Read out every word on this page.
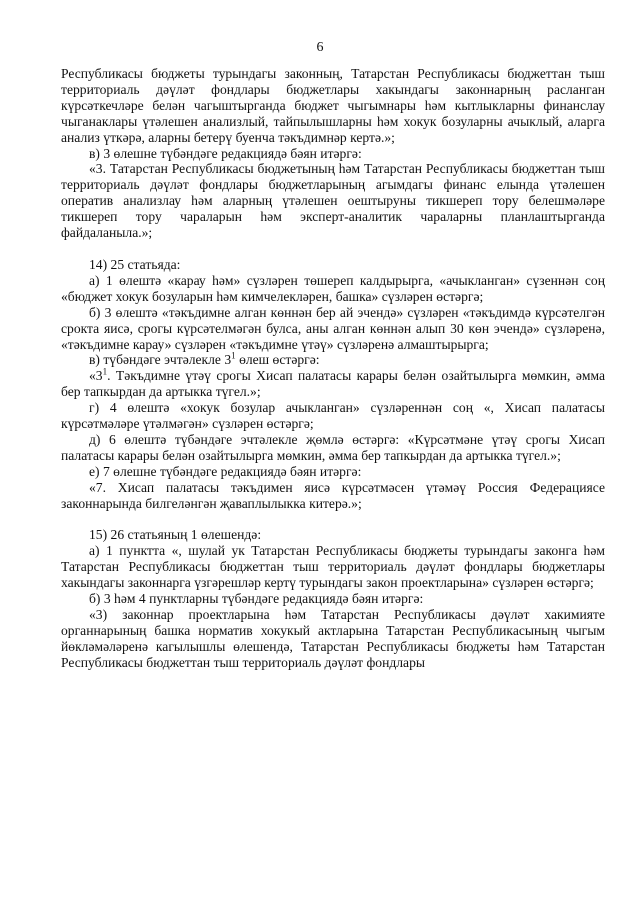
6

Республикасы бюджеты турындагы законның, Татарстан Республикасы бюджеттан тыш территориаль дәүләт фондлары бюджетлары хакындагы законнарның расланган күрсәткечләре белән чагыштырганда бюджет чыгымнары һәм кытлыкларны финанслау чыганаклары үтәлешен анализлый, тайпылышларны һәм хокук бозуларны ачыклый, аларга анализ үткәрә, аларны бетерү буенча тәкъдимнәр кертә.»;

в) 3 өлешне түбәндәге редакциядә бәян итәргә:

«3. Татарстан Республикасы бюджетының һәм Татарстан Республикасы бюджеттан тыш территориаль дәүләт фондлары бюджетларының агымдагы финанс елында үтәлешен оператив анализлау һәм аларның үтәлешен оештыруны тикшереп тору белешмәләре тикшереп тору чараларын һәм эксперт-аналитик чараларны планлаштырганда файдаланыла.»;

14) 25 статьяда:

а) 1 өлештә «карау һәм» сүзләрен төшереп калдырырга, «ачыкланган» сүзеннән соң «бюджет хокук бозуларын һәм кимчелекләрен, башка» сүзләрен өстәргә;

б) 3 өлештә «тәкъдимне алган көннән бер ай эчендә» сүзләрен «тәкъдимдә күрсәтелгән срокта яисә, срогы күрсәтелмәгән булса, аны алган көннән алып 30 көн эчендә» сүзләренә, «тәкъдимне карау» сүзләрен «тәкъдимне үтәү» сүзләренә алмаштырырга;

в) түбәндәге эчтәлекле $3^1$ өлеш өстәргә:

«$3^1$. Тәкъдимне үтәү срогы Хисап палатасы карары белән озайтылырга мөмкин, әмма бер тапкырдан да артыкка түгел.»;

г) 4 өлештә «хокук бозулар ачыкланган» сүзләреннән соң «, Хисап палатасы күрсәтмәләре үтәлмәгән» сүзләрен өстәргә;

д) 6 өлештә түбәндәге эчтәлекле җөмлә өстәргә: «Күрсәтмәне үтәү срогы Хисап палатасы карары белән озайтылырга мөмкин, әмма бер тапкырдан да артыкка түгел.»;

е) 7 өлешне түбәндәге редакциядә бәян итәргә:

«7. Хисап палатасы тәкъдимен яисә күрсәтмәсен үтәмәү Россия Федерациясе законнарында билгеләнгән җаваплылыкка китерә.»;

15) 26 статьяның 1 өлешендә:

а) 1 пунктта «, шулай ук Татарстан Республикасы бюджеты турындагы законга һәм Татарстан Республикасы бюджеттан тыш территориаль дәүләт фондлары бюджетлары хакындагы законнарга үзгәрешләр кертү турындагы закон проектларына» сүзләрен өстәргә;

б) 3 һәм 4 пунктларны түбәндәге редакциядә бәян итәргә:

«3) законнар проектларына һәм Татарстан Республикасы дәүләт хакимияте органнарының башка норматив хокукый актларына Татарстан Республикасының чыгым йөкләмәләренә кагылышлы өлешендә, Татарстан Республикасы бюджеты һәм Татарстан Республикасы бюджеттан тыш территориаль дәүләт фондлары
